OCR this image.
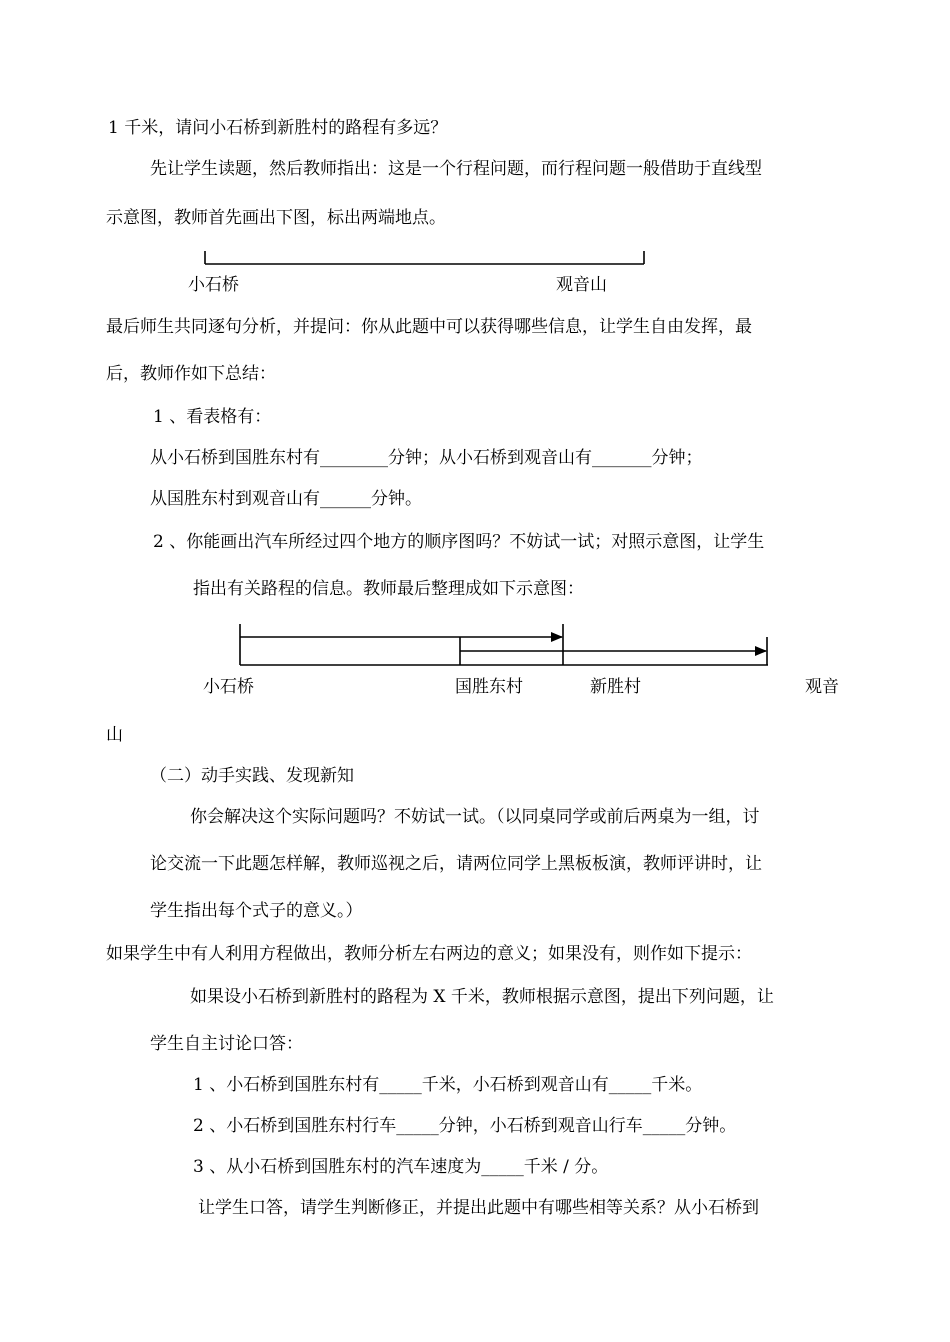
1 千米，请问小石桥到新胜村的路程有多远？
先让学生读题，然后教师指出：这是一个行程问题，而行程问题一般借助于直线型
示意图，教师首先画出下图，标出两端地点。
小石桥	观音山
最后师生共同逐句分析，并提问：你从此题中可以获得哪些信息，让学生自由发挥，最
后，教师作如下总结：
1 、看表格有：
从小石桥到国胜东村有________分钟；从小石桥到观音山有_______分钟；
从国胜东村到观音山有______分钟。
2 、你能画出汽车所经过四个地方的顺序图吗？不妨试一试；对照示意图，让学生
指出有关路程的信息。教师最后整理成如下示意图：
小石桥	国胜东村	新胜村	观音
山
（二）动手实践、发现新知
你会解决这个实际问题吗？不妨试一试。（以同桌同学或前后两桌为一组，讨
论交流一下此题怎样解，教师巡视之后，请两位同学上黑板板演，教师评讲时，让
学生指出每个式子的意义。）
如果学生中有人利用方程做出，教师分析左右两边的意义；如果没有，则作如下提示：
如果设小石桥到新胜村的路程为 X 千米，教师根据示意图，提出下列问题，让
学生自主讨论口答：
1 、小石桥到国胜东村有_____千米，小石桥到观音山有_____千米。
2 、小石桥到国胜东村行车_____分钟，小石桥到观音山行车_____分钟。
3 、从小石桥到国胜东村的汽车速度为_____千米 / 分。
让学生口答，请学生判断修正，并提出此题中有哪些相等关系？从小石桥到
